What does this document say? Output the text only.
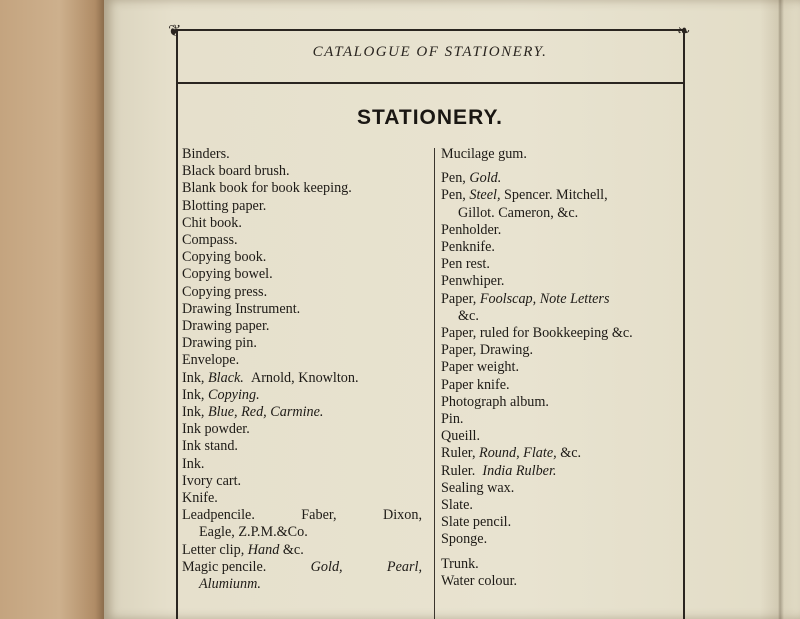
❦	❧
CATALOGUE OF STATIONERY.
STATIONERY.
Binders.
Black board brush.
Blank book for book keeping.
Blotting paper.
Chit book.
Compass.
Copying book.
Copying bowel.
Copying press.
Drawing Instrument.
Drawing paper.
Drawing pin.
Envelope.
Ink, Black. Arnold, Knowlton.
Ink, Copying.
Ink, Blue, Red, Carmine.
Ink powder.
Ink stand.
Ink.
Ivory cart.
Knife.
Leadpencile.	Faber,	Dixon,
Eagle, Z.P.M.&Co.
Letter clip, Hand &c.
Magic pencile.	Gold,	Pearl,
Alumiunm.
Mucilage gum.
Pen, Gold.
Pen, Steel, Spencer. Mitchell,
Gillot. Cameron, &c.
Penholder.
Penknife.
Pen rest.
Penwhiper.
Paper, Foolscap, Note Letters
&c.
Paper, ruled for Bookkeeping &c.
Paper, Drawing.
Paper weight.
Paper knife.
Photograph album.
Pin.
Queill.
Ruler, Round, Flate, &c.
Ruler. India Rulber.
Sealing wax.
Slate.
Slate pencil.
Sponge.
Trunk.
Water colour.
